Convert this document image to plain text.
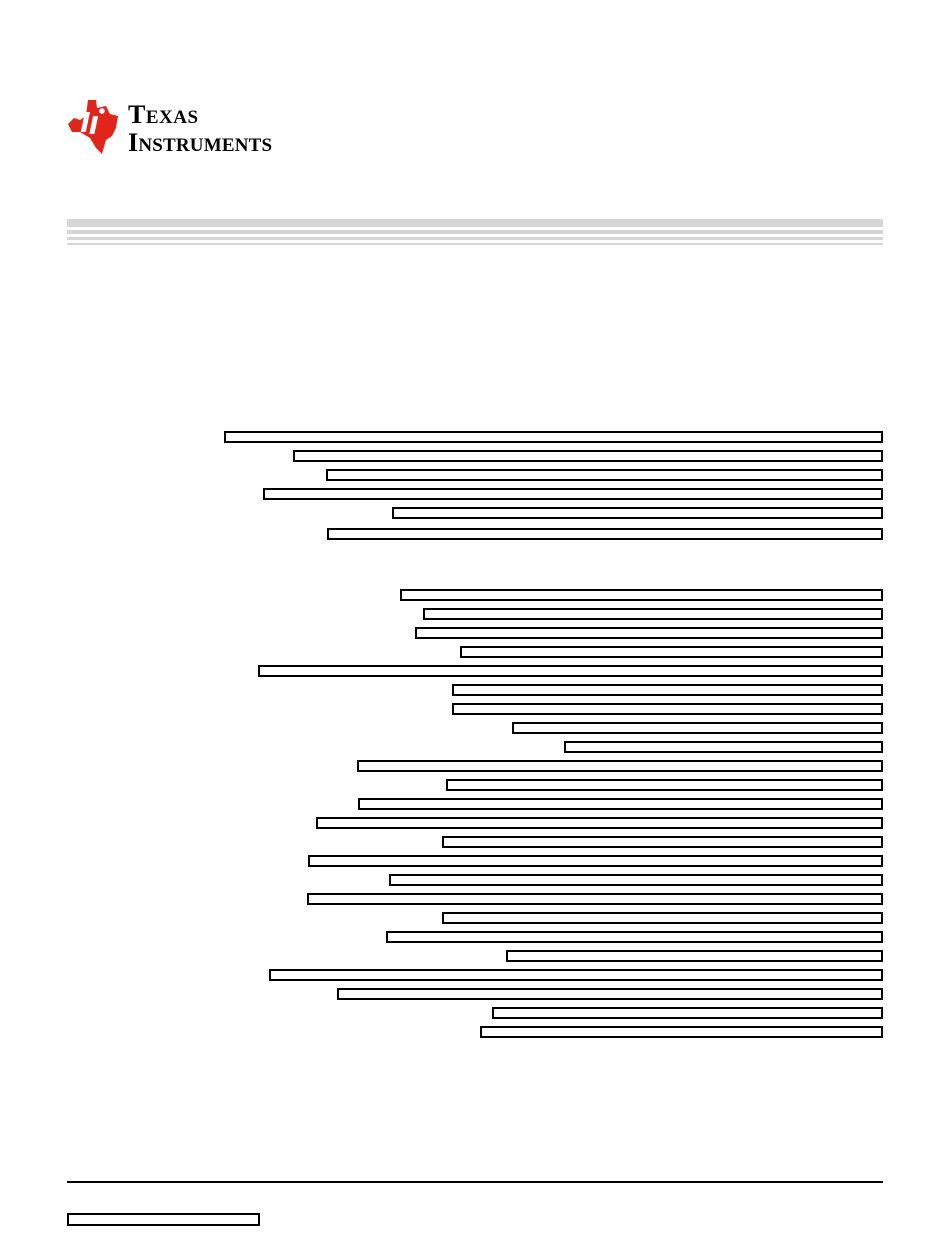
TEXAS
INSTRUMENTS
